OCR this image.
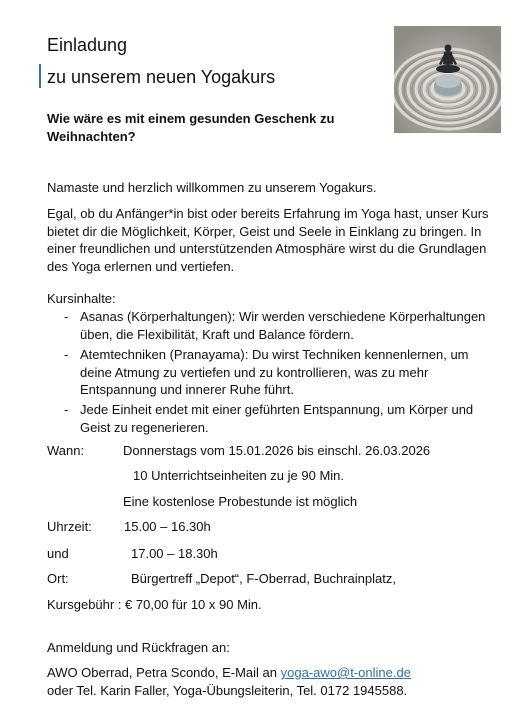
Einladung
zu unserem neuen Yogakurs
Wie wäre es mit einem gesunden Geschenk zu Weihnachten?
Namaste und herzlich willkommen zu unserem Yogakurs.
Egal, ob du Anfänger*in bist oder bereits Erfahrung im Yoga hast, unser Kurs bietet dir die Möglichkeit, Körper, Geist und Seele in Einklang zu bringen. In einer freundlichen und unterstützenden Atmosphäre wirst du die Grundlagen des Yoga erlernen und vertiefen.
Kursinhalte:
- Asanas (Körperhaltungen): Wir werden verschiedene Körperhaltungen üben, die Flexibilität, Kraft und Balance fördern.
- Atemtechniken (Pranayama): Du wirst Techniken kennenlernen, um deine Atmung zu vertiefen und zu kontrollieren, was zu mehr Entspannung und innerer Ruhe führt.
- Jede Einheit endet mit einer geführten Entspannung, um Körper und Geist zu regenerieren.
Wann:	Donnerstags vom 15.01.2026 bis einschl. 26.03.2026
10 Unterrichtseinheiten zu je 90 Min.
Eine kostenlose Probestunde ist möglich
Uhrzeit: 15.00 – 16.30h
und	17.00 – 18.30h
Ort:	Bürgertreff „Depot“, F-Oberrad, Buchrainplatz,
Kursgebühr : € 70,00 für 10 x 90 Min.
Anmeldung und Rückfragen an:
AWO Oberrad, Petra Scondo, E-Mail an yoga-awo@t-online.de
oder Tel. Karin Faller, Yoga-Übungsleiterin, Tel. 0172 1945588.
